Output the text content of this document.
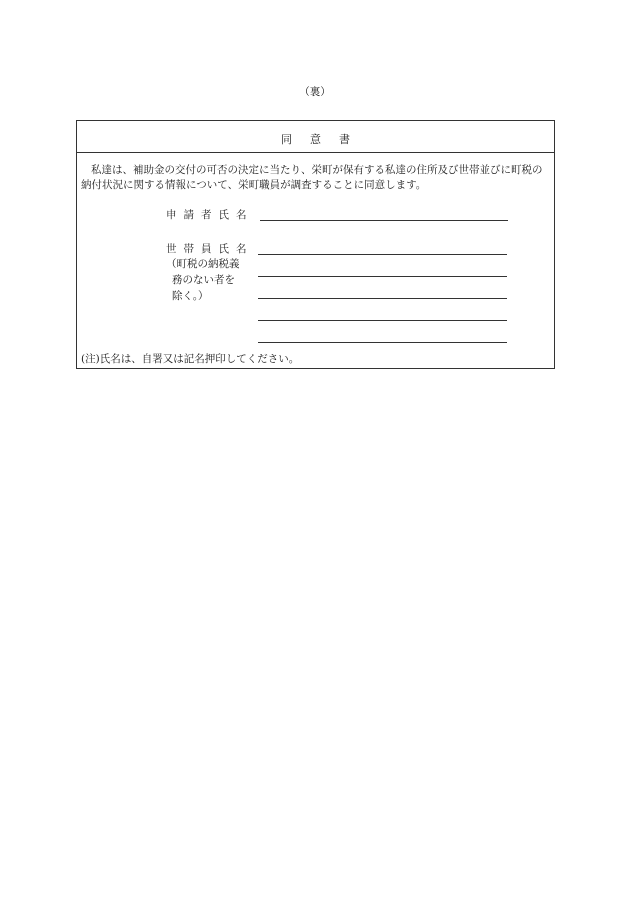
（裏）
同意書
私達は、補助金の交付の可否の決定に当たり、栄町が保有する私達の住所及び世帯並びに町税の納付状況に関する情報について、栄町職員が調査することに同意します。
申請者氏名
世帯員氏名
（町税の納税義
務のない者を
除く。）
(注)氏名は、自署又は記名押印してください。
